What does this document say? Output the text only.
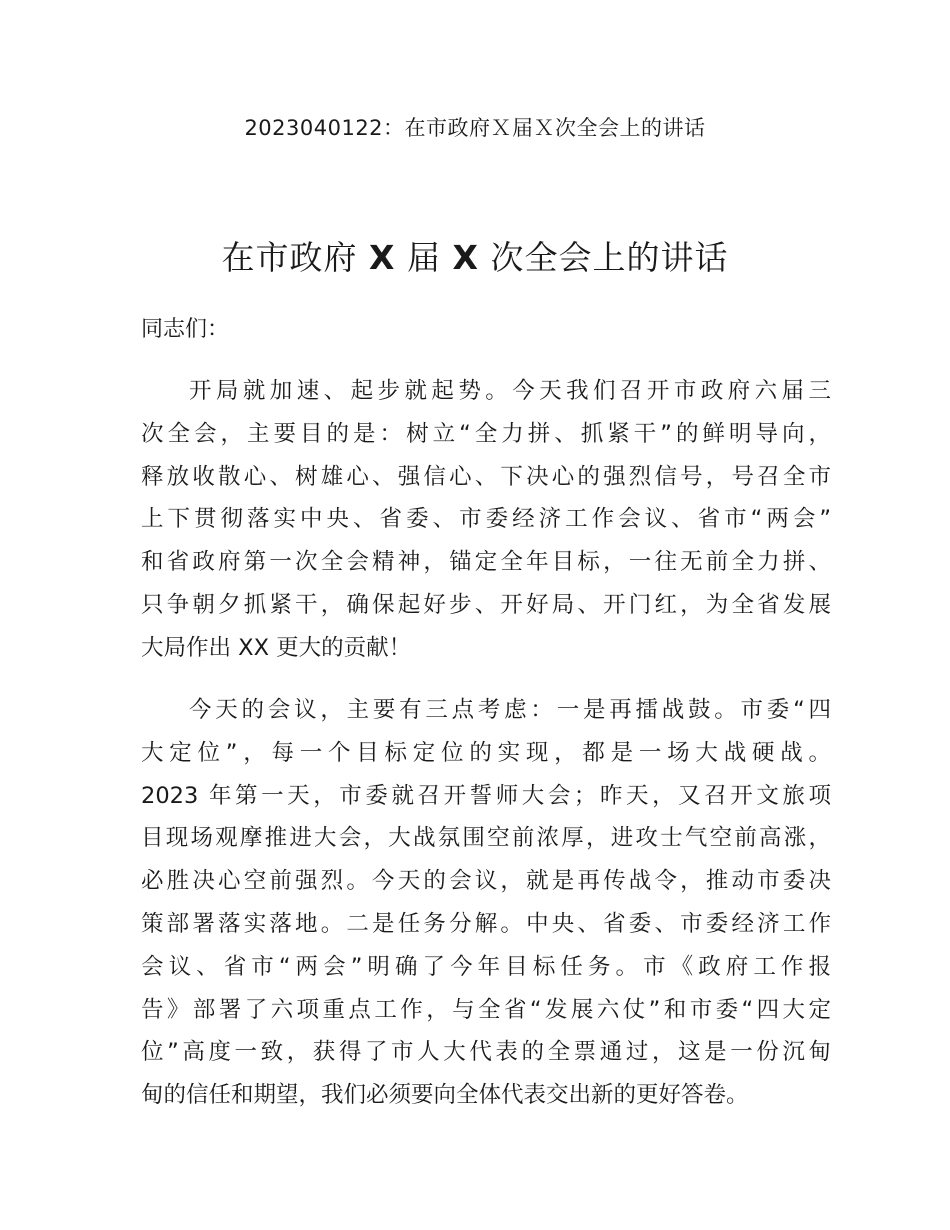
2023040122：在市政府Ｘ届Ｘ次全会上的讲话
在市政府 X 届 X 次全会上的讲话
同志们：
开局就加速、起步就起势。今天我们召开市政府六届三
次全会，主要目的是：树立“全力拼、抓紧干”的鲜明导向，
释放收散心、树雄心、强信心、下决心的强烈信号，号召全市
上下贯彻落实中央、省委、市委经济工作会议、省市“两会”
和省政府第一次全会精神，锚定全年目标，一往无前全力拼、
只争朝夕抓紧干，确保起好步、开好局、开门红，为全省发展
大局作出 XX 更大的贡献！
今天的会议，主要有三点考虑：一是再擂战鼓。市委“四
大定位”，每一个目标定位的实现，都是一场大战硬战。
2023 年第一天，市委就召开誓师大会；昨天，又召开文旅项
目现场观摩推进大会，大战氛围空前浓厚，进攻士气空前高涨，
必胜决心空前强烈。今天的会议，就是再传战令，推动市委决
策部署落实落地。二是任务分解。中央、省委、市委经济工作
会议、省市“两会”明确了今年目标任务。市《政府工作报
告》部署了六项重点工作，与全省“发展六仗”和市委“四大定
位”高度一致，获得了市人大代表的全票通过，这是一份沉甸
甸的信任和期望，我们必须要向全体代表交出新的更好答卷。
